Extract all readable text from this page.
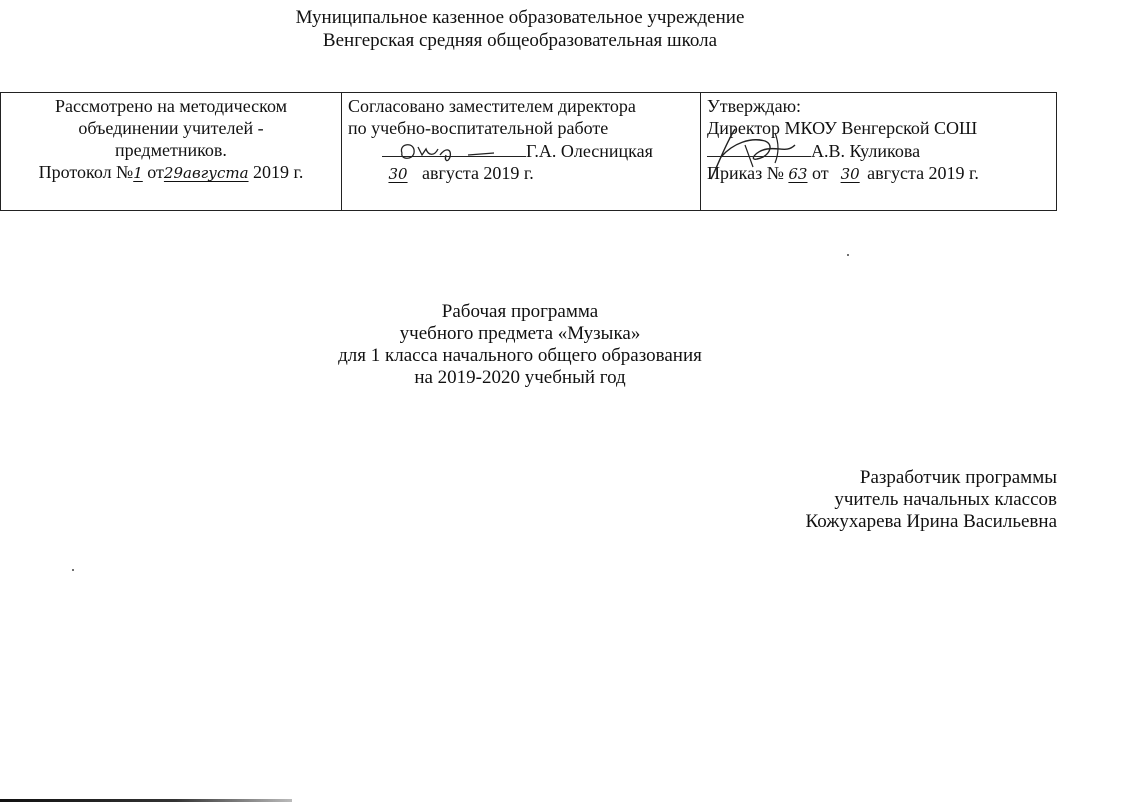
Муниципальное казенное образовательное учреждение
Венгерская средняя общеобразовательная школа
Рассмотрено на методическом
объединении учителей -
предметников.
Протокол №1 от29августа 2019 г.
Согласовано заместителем директора
по учебно-воспитательной работе
Г.А. Олесницкая
30 августа 2019 г.
Утверждаю:
Директор МКОУ Венгерской СОШ
А.В. Куликова
Приказ № 63 от 30 августа 2019 г.
Рабочая программа
учебного предмета «Музыка»
для 1 класса начального общего образования
на 2019-2020 учебный год
Разработчик программы
учитель начальных классов
Кожухарева Ирина Васильевна
